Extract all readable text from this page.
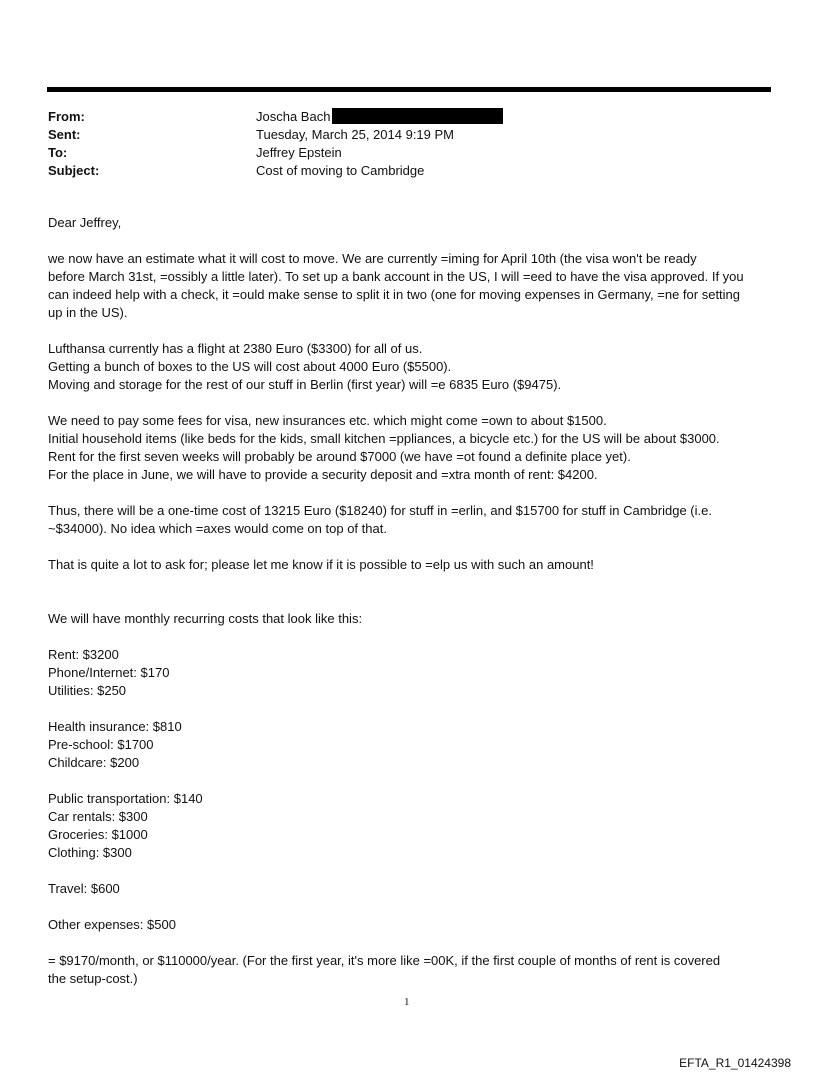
From:	Joscha Bach
Sent:	Tuesday, March 25, 2014 9:19 PM
To:	Jeffrey Epstein
Subject:	Cost of moving to Cambridge

Dear Jeffrey,

we now have an estimate what it will cost to move. We are currently =iming for April 10th (the visa won't be ready

before March 31st, =ossibly a little later). To set up a bank account in the US, I will =eed to have the visa approved. If you

can indeed help with a check, it =ould make sense to split it in two (one for moving expenses in Germany, =ne for setting

up in the US).

Lufthansa currently has a flight at 2380 Euro ($3300) for all of us.

Getting a bunch of boxes to the US will cost about 4000 Euro ($5500).

Moving and storage for the rest of our stuff in Berlin (first year) will =e 6835 Euro ($9475).

We need to pay some fees for visa, new insurances etc. which might come =own to about $1500.

Initial household items (like beds for the kids, small kitchen =ppliances, a bicycle etc.) for the US will be about $3000.

Rent for the first seven weeks will probably be around $7000 (we have =ot found a definite place yet).

For the place in June, we will have to provide a security deposit and =xtra month of rent: $4200.

Thus, there will be a one-time cost of 13215 Euro ($18240) for stuff in =erlin, and $15700 for stuff in Cambridge (i.e.

~$34000). No idea which =axes would come on top of that.

That is quite a lot to ask for; please let me know if it is possible to =elp us with such an amount!

We will have monthly recurring costs that look like this:

Rent: $3200

Phone/Internet: $170

Utilities: $250

Health insurance: $810

Pre-school: $1700

Childcare: $200

Public transportation: $140

Car rentals: $300

Groceries: $1000

Clothing: $300

Travel: $600

Other expenses: $500

= $9170/month, or $110000/year. (For the first year, it's more like =00K, if the first couple of months of rent is covered

the setup-cost.)

1
EFTA_R1_01424398
